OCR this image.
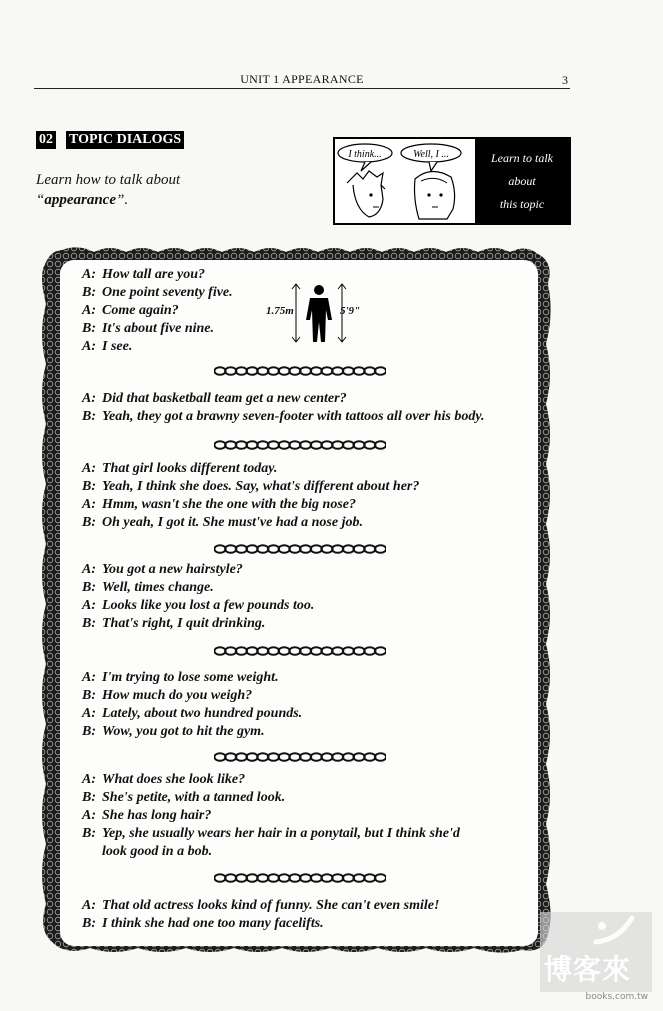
UNIT 1 APPEARANCE	3
02 TOPIC DIALOGS
Learn how to talk about
“appearance”.
I think...	Well, I ...	Learn to talk
about
this topic
1.75m	5'9"
A: How tall are you?
B: One point seventy five.
A: Come again?
B: It's about five nine.
A: I see.
A: Did that basketball team get a new center?
B: Yeah, they got a brawny seven-footer with tattoos all over his body.
A: That girl looks different today.
B: Yeah, I think she does. Say, what's different about her?
A: Hmm, wasn't she the one with the big nose?
B: Oh yeah, I got it. She must've had a nose job.
A: You got a new hairstyle?
B: Well, times change.
A: Looks like you lost a few pounds too.
B: That's right, I quit drinking.
A: I'm trying to lose some weight.
B: How much do you weigh?
A: Lately, about two hundred pounds.
B: Wow, you got to hit the gym.
A: What does she look like?
B: She's petite, with a tanned look.
A: She has long hair?
B: Yep, she usually wears her hair in a ponytail, but I think she'd
look good in a bob.
A: That old actress looks kind of funny. She can't even smile!
B: I think she had one too many facelifts.
博客來
books.com.tw
